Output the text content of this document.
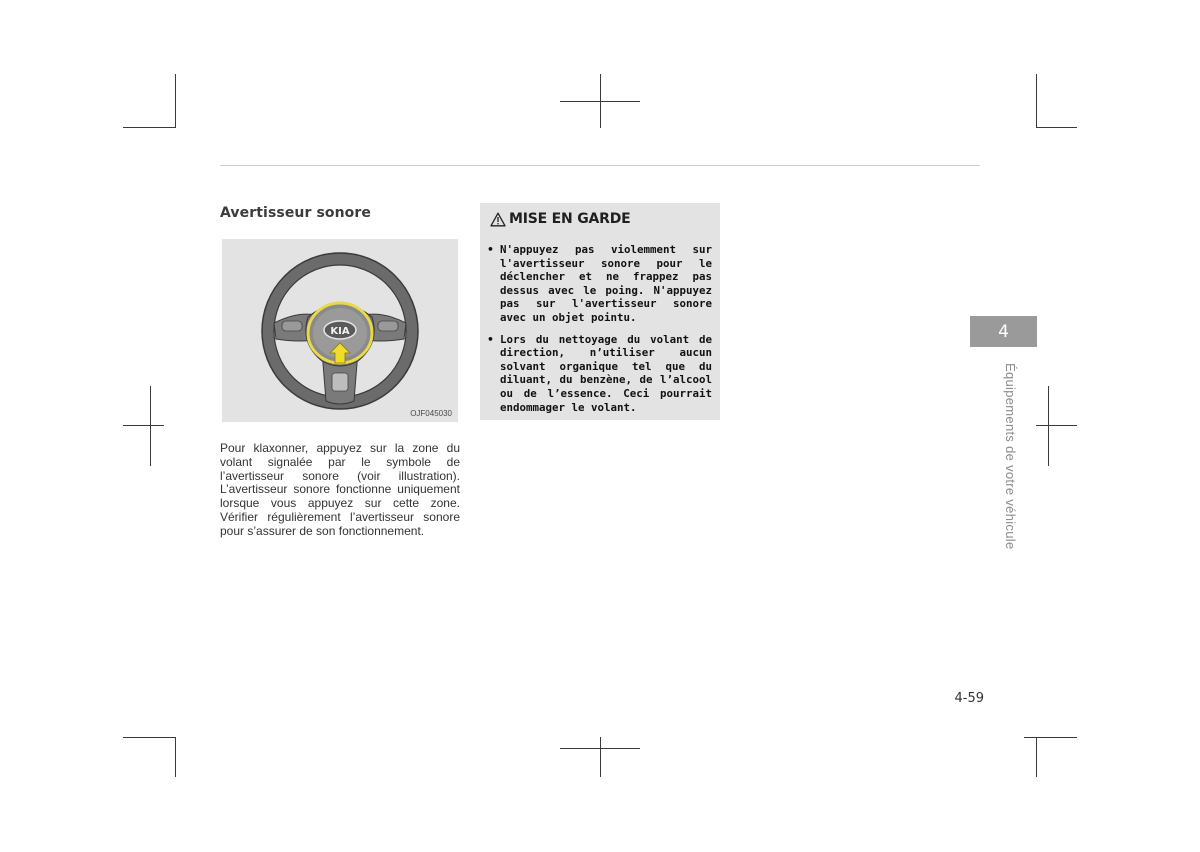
Avertisseur sonore
KIA
OJF045030

Pour klaxonner, appuyez sur la zone du volant signalée par le symbole de l’avertisseur sonore (voir illustration). L’avertisseur sonore fonctionne uniquement lorsque vous appuyez sur cette zone. Vérifier régulièrement l’avertisseur sonore pour s’assurer de son fonctionnement.

MISE EN GARDE
• N'appuyez pas violemment sur l'avertisseur sonore pour le déclencher et ne frappez pas dessus avec le poing. N'appuyez pas sur l'avertisseur sonore avec un objet pointu.
• Lors du nettoyage du volant de direction, n’utiliser aucun solvant organique tel que du diluant, du benzène, de l’alcool ou de l’essence. Ceci pourrait endommager le volant.
4
Équipements de votre véhicule
4-59
